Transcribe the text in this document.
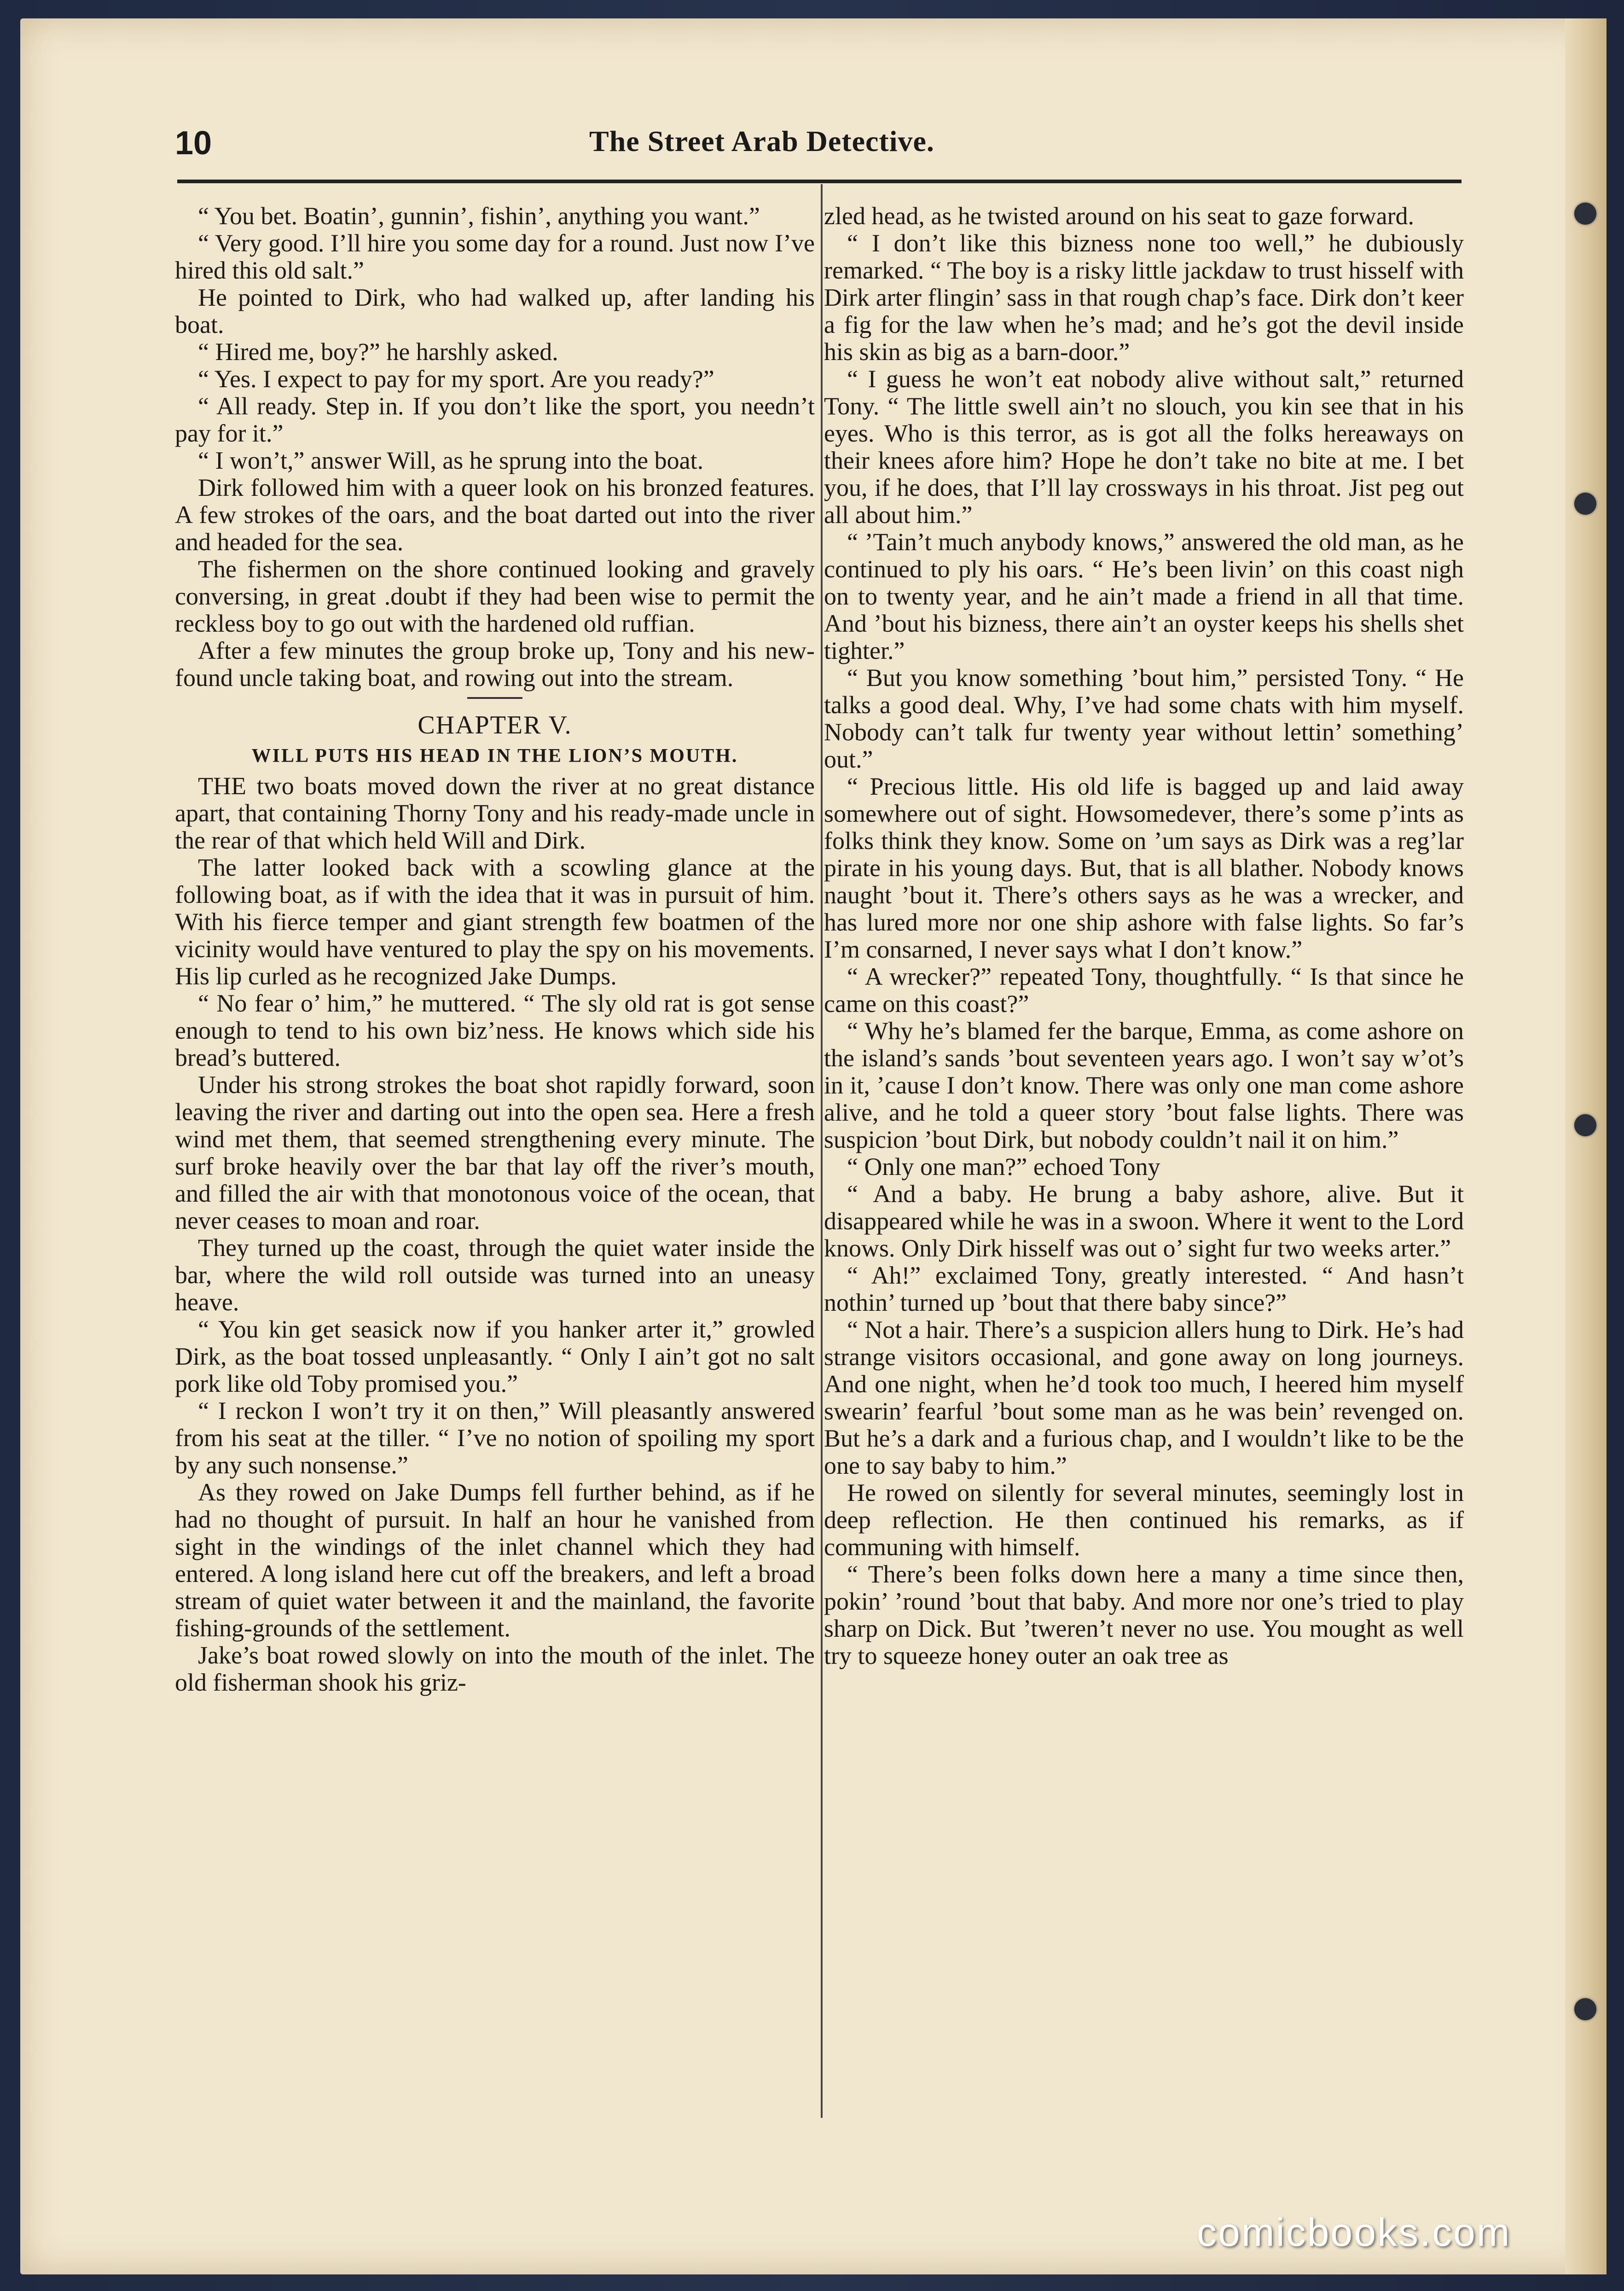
10	The Street Arab Detective.

“ You bet. Boatin’, gunnin’, fishin’, anything you want.”

“ Very good. I’ll hire you some day for a round. Just now I’ve hired this old salt.”

He pointed to Dirk, who had walked up, after landing his boat.

“ Hired me, boy?” he harshly asked.

“ Yes. I expect to pay for my sport. Are you ready?”

“ All ready. Step in. If you don’t like the sport, you needn’t pay for it.”

“ I won’t,” answer Will, as he sprung into the boat.

Dirk followed him with a queer look on his bronzed features. A few strokes of the oars, and the boat darted out into the river and headed for the sea.

The fishermen on the shore continued looking and gravely conversing, in great .doubt if they had been wise to permit the reckless boy to go out with the hardened old ruffian.

After a few minutes the group broke up, Tony and his new-found uncle taking boat, and rowing out into the stream.

CHAPTER V.
WILL PUTS HIS HEAD IN THE LION’S MOUTH.

THE two boats moved down the river at no great distance apart, that containing Thorny Tony and his ready-made uncle in the rear of that which held Will and Dirk.

The latter looked back with a scowling glance at the following boat, as if with the idea that it was in pursuit of him. With his fierce temper and giant strength few boatmen of the vicinity would have ventured to play the spy on his movements. His lip curled as he recognized Jake Dumps.

“ No fear o’ him,” he muttered. “ The sly old rat is got sense enough to tend to his own biz’ness. He knows which side his bread’s buttered.

Under his strong strokes the boat shot rapidly forward, soon leaving the river and darting out into the open sea. Here a fresh wind met them, that seemed strengthening every minute. The surf broke heavily over the bar that lay off the river’s mouth, and filled the air with that monotonous voice of the ocean, that never ceases to moan and roar.

They turned up the coast, through the quiet water inside the bar, where the wild roll outside was turned into an uneasy heave.

“ You kin get seasick now if you hanker arter it,” growled Dirk, as the boat tossed unpleasantly. “ Only I ain’t got no salt pork like old Toby promised you.”

“ I reckon I won’t try it on then,” Will pleasantly answered from his seat at the tiller. “ I’ve no notion of spoiling my sport by any such nonsense.”

As they rowed on Jake Dumps fell further behind, as if he had no thought of pursuit. In half an hour he vanished from sight in the windings of the inlet channel which they had entered. A long island here cut off the breakers, and left a broad stream of quiet water between it and the mainland, the favorite fishing-grounds of the settlement.

Jake’s boat rowed slowly on into the mouth of the inlet. The old fisherman shook his griz-

zled head, as he twisted around on his seat to gaze forward.

“ I don’t like this bizness none too well,” he dubiously remarked. “ The boy is a risky little jackdaw to trust hisself with Dirk arter flingin’ sass in that rough chap’s face. Dirk don’t keer a fig for the law when he’s mad; and he’s got the devil inside his skin as big as a barn-door.”

“ I guess he won’t eat nobody alive without salt,” returned Tony. “ The little swell ain’t no slouch, you kin see that in his eyes. Who is this terror, as is got all the folks hereaways on their knees afore him? Hope he don’t take no bite at me. I bet you, if he does, that I’ll lay crossways in his throat. Jist peg out all about him.”

“ ’Tain’t much anybody knows,” answered the old man, as he continued to ply his oars. “ He’s been livin’ on this coast nigh on to twenty year, and he ain’t made a friend in all that time. And ’bout his bizness, there ain’t an oyster keeps his shells shet tighter.”

“ But you know something ’bout him,” persisted Tony. “ He talks a good deal. Why, I’ve had some chats with him myself. Nobody can’t talk fur twenty year without lettin’ something’ out.”

“ Precious little. His old life is bagged up and laid away somewhere out of sight. Howsomedever, there’s some p’ints as folks think they know. Some on ’um says as Dirk was a reg’lar pirate in his young days. But, that is all blather. Nobody knows naught ’bout it. There’s others says as he was a wrecker, and has lured more nor one ship ashore with false lights. So far’s I’m consarned, I never says what I don’t know.”

“ A wrecker?” repeated Tony, thoughtfully. “ Is that since he came on this coast?”

“ Why he’s blamed fer the barque, Emma, as come ashore on the island’s sands ’bout seventeen years ago. I won’t say w’ot’s in it, ’cause I don’t know. There was only one man come ashore alive, and he told a queer story ’bout false lights. There was suspicion ’bout Dirk, but nobody couldn’t nail it on him.”

“ Only one man?” echoed Tony

“ And a baby. He brung a baby ashore, alive. But it disappeared while he was in a swoon. Where it went to the Lord knows. Only Dirk hisself was out o’ sight fur two weeks arter.”

“ Ah!” exclaimed Tony, greatly interested. “ And hasn’t nothin’ turned up ’bout that there baby since?”

“ Not a hair. There’s a suspicion allers hung to Dirk. He’s had strange visitors occasional, and gone away on long journeys. And one night, when he’d took too much, I heered him myself swearin’ fearful ’bout some man as he was bein’ revenged on. But he’s a dark and a furious chap, and I wouldn’t like to be the one to say baby to him.”

He rowed on silently for several minutes, seemingly lost in deep reflection. He then continued his remarks, as if communing with himself.

“ There’s been folks down here a many a time since then, pokin’ ’round ’bout that baby. And more nor one’s tried to play sharp on Dick. But ’tweren’t never no use. You mought as well try to squeeze honey outer an oak tree as

comicbooks.com
